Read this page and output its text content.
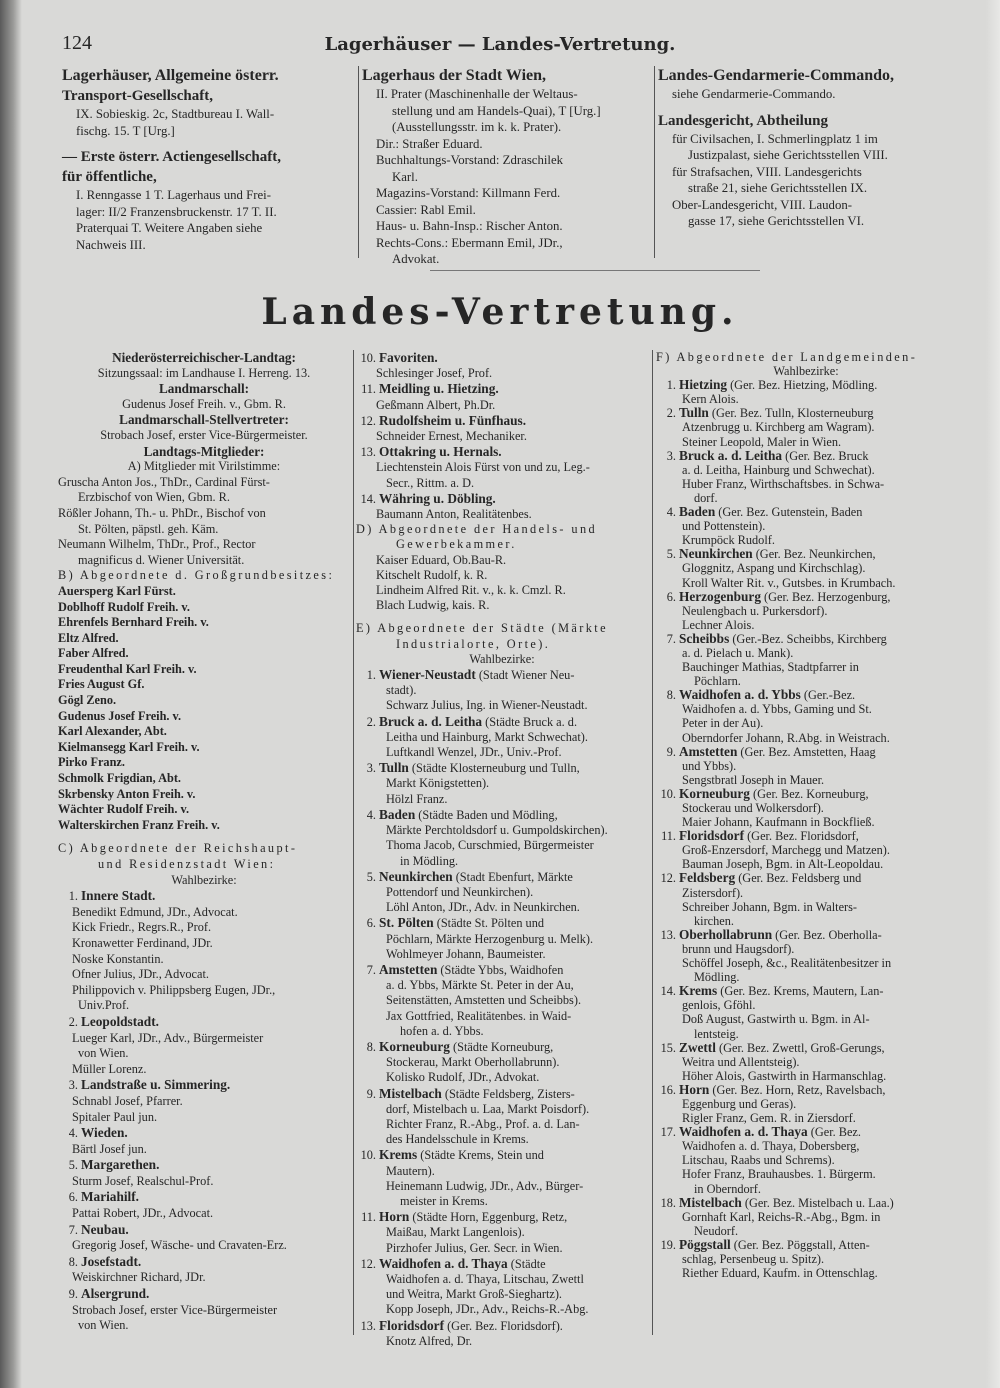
124	Lagerhäuser — Landes-Vertretung.
Lagerhäuser, Allgemeine österr.
Transport-Gesellschaft,
IX. Sobieskig. 2c, Stadtbureau I. Wall-
fischg. 15. T [Urg.]
— Erste österr. Actiengesellschaft,
für öffentliche,
I. Renngasse 1 T. Lagerhaus und Frei-
lager: II/2 Franzensbruckenstr. 17 T. II.
Praterquai T. Weitere Angaben siehe
Nachweis III.
Lagerhaus der Stadt Wien,
II. Prater (Maschinenhalle der Weltaus-
stellung und am Handels-Quai), T [Urg.]
(Ausstellungsstr. im k. k. Prater).
Dir.: Straßer Eduard.
Buchhaltungs-Vorstand: Zdraschilek
Karl.
Magazins-Vorstand: Killmann Ferd.
Cassier: Rabl Emil.
Haus- u. Bahn-Insp.: Rischer Anton.
Rechts-Cons.: Ebermann Emil, JDr.,
Advokat.
Landes-Gendarmerie-Commando,
siehe Gendarmerie-Commando.
Landesgericht, Abtheilung
für Civilsachen, I. Schmerlingplatz 1 im
Justizpalast, siehe Gerichtsstellen VIII.
für Strafsachen, VIII. Landesgerichts
straße 21, siehe Gerichtsstellen IX.
Ober-Landesgericht, VIII. Laudon-
gasse 17, siehe Gerichtsstellen VI.
Landes-Vertretung.
Niederösterreichischer-Landtag:
Sitzungssaal: im Landhause I. Herreng. 13.
Landmarschall:
Gudenus Josef Freih. v., Gbm. R.
Landmarschall-Stellvertreter:
Strobach Josef, erster Vice-Bürgermeister.
Landtags-Mitglieder:
A) Mitglieder mit Virilstimme:
Gruscha Anton Jos., ThDr., Cardinal Fürst-
Erzbischof von Wien, Gbm. R.
Rößler Johann, Th.- u. PhDr., Bischof von
St. Pölten, päpstl. geh. Käm.
Neumann Wilhelm, ThDr., Prof., Rector
magnificus d. Wiener Universität.
B) Abgeordnete d. Großgrundbesitzes:
Auersperg Karl Fürst.
Doblhoff Rudolf Freih. v.
Ehrenfels Bernhard Freih. v.
Eltz Alfred.
Faber Alfred.
Freudenthal Karl Freih. v.
Fries August Gf.
Gögl Zeno.
Gudenus Josef Freih. v.
Karl Alexander, Abt.
Kielmansegg Karl Freih. v.
Pirko Franz.
Schmolk Frigdian, Abt.
Skrbensky Anton Freih. v.
Wächter Rudolf Freih. v.
Walterskirchen Franz Freih. v.
C) Abgeordnete der Reichshaupt-
und Residenzstadt Wien:
Wahlbezirke:
1. Innere Stadt.
Benedikt Edmund, JDr., Advocat.
Kick Friedr., Regrs.R., Prof.
Kronawetter Ferdinand, JDr.
Noske Konstantin.
Ofner Julius, JDr., Advocat.
Philippovich v. Philippsberg Eugen, JDr.,
Univ.Prof.
2. Leopoldstadt.
Lueger Karl, JDr., Adv., Bürgermeister
von Wien.
Müller Lorenz.
3. Landstraße u. Simmering.
Schnabl Josef, Pfarrer.
Spitaler Paul jun.
4. Wieden.
Bärtl Josef jun.
5. Margarethen.
Sturm Josef, Realschul-Prof.
6. Mariahilf.
Pattai Robert, JDr., Advocat.
7. Neubau.
Gregorig Josef, Wäsche- und Cravaten-Erz.
8. Josefstadt.
Weiskirchner Richard, JDr.
9. Alsergrund.
Strobach Josef, erster Vice-Bürgermeister
von Wien.
10. Favoriten.
Schlesinger Josef, Prof.
11. Meidling u. Hietzing.
Geßmann Albert, Ph.Dr.
12. Rudolfsheim u. Fünfhaus.
Schneider Ernest, Mechaniker.
13. Ottakring u. Hernals.
Liechtenstein Alois Fürst von und zu, Leg.-
Secr., Rittm. a. D.
14. Währing u. Döbling.
Baumann Anton, Realitätenbes.
D) Abgeordnete der Handels- und
Gewerbekammer.
Kaiser Eduard, Ob.Bau-R.
Kitschelt Rudolf, k. R.
Lindheim Alfred Rit. v., k. k. Cmzl. R.
Blach Ludwig, kais. R.
E) Abgeordnete der Städte (Märkte
Industrialorte, Orte).
Wahlbezirke:
1. Wiener-Neustadt (Stadt Wiener Neu-
stadt).
Schwarz Julius, Ing. in Wiener-Neustadt.
2. Bruck a. d. Leitha (Städte Bruck a. d.
Leitha und Hainburg, Markt Schwechat).
Luftkandl Wenzel, JDr., Univ.-Prof.
3. Tulln (Städte Klosterneuburg und Tulln,
Markt Königstetten).
Hölzl Franz.
4. Baden (Städte Baden und Mödling,
Märkte Perchtoldsdorf u. Gumpoldskirchen).
Thoma Jacob, Curschmied, Bürgermeister
in Mödling.
5. Neunkirchen (Stadt Ebenfurt, Märkte
Pottendorf und Neunkirchen).
Löhl Anton, JDr., Adv. in Neunkirchen.
6. St. Pölten (Städte St. Pölten und
Pöchlarn, Märkte Herzogenburg u. Melk).
Wohlmeyer Johann, Baumeister.
7. Amstetten (Städte Ybbs, Waidhofen
a. d. Ybbs, Märkte St. Peter in der Au,
Seitenstätten, Amstetten und Scheibbs).
Jax Gottfried, Realitätenbes. in Waid-
hofen a. d. Ybbs.
8. Korneuburg (Städte Korneuburg,
Stockerau, Markt Oberhollabrunn).
Kolisko Rudolf, JDr., Advokat.
9. Mistelbach (Städte Feldsberg, Zisters-
dorf, Mistelbach u. Laa, Markt Poisdorf).
Richter Franz, R.-Abg., Prof. a. d. Lan-
des Handelsschule in Krems.
10. Krems (Städte Krems, Stein und
Mautern).
Heinemann Ludwig, JDr., Adv., Bürger-
meister in Krems.
11. Horn (Städte Horn, Eggenburg, Retz,
Maißau, Markt Langenlois).
Pirzhofer Julius, Ger. Secr. in Wien.
12. Waidhofen a. d. Thaya (Städte
Waidhofen a. d. Thaya, Litschau, Zwettl
und Weitra, Markt Groß-Sieghartz).
Kopp Joseph, JDr., Adv., Reichs-R.-Abg.
13. Floridsdorf (Ger. Bez. Floridsdorf).
Knotz Alfred, Dr.
F) Abgeordnete der Landgemeinden-
Wahlbezirke:
1. Hietzing (Ger. Bez. Hietzing, Mödling.
Kern Alois.
2. Tulln (Ger. Bez. Tulln, Klosterneuburg
Atzenbrugg u. Kirchberg am Wagram).
Steiner Leopold, Maler in Wien.
3. Bruck a. d. Leitha (Ger. Bez. Bruck
a. d. Leitha, Hainburg und Schwechat).
Huber Franz, Wirthschaftsbes. in Schwa-
dorf.
4. Baden (Ger. Bez. Gutenstein, Baden
und Pottenstein).
Krumpöck Rudolf.
5. Neunkirchen (Ger. Bez. Neunkirchen,
Gloggnitz, Aspang und Kirchschlag).
Kroll Walter Rit. v., Gutsbes. in Krumbach.
6. Herzogenburg (Ger. Bez. Herzogenburg,
Neulengbach u. Purkersdorf).
Lechner Alois.
7. Scheibbs (Ger.-Bez. Scheibbs, Kirchberg
a. d. Pielach u. Mank).
Bauchinger Mathias, Stadtpfarrer in
Pöchlarn.
8. Waidhofen a. d. Ybbs (Ger.-Bez.
Waidhofen a. d. Ybbs, Gaming und St.
Peter in der Au).
Oberndorfer Johann, R.Abg. in Weistrach.
9. Amstetten (Ger. Bez. Amstetten, Haag
und Ybbs).
Sengstbratl Joseph in Mauer.
10. Korneuburg (Ger. Bez. Korneuburg,
Stockerau und Wolkersdorf).
Maier Johann, Kaufmann in Bockfließ.
11. Floridsdorf (Ger. Bez. Floridsdorf,
Groß-Enzersdorf, Marchegg und Matzen).
Bauman Joseph, Bgm. in Alt-Leopoldau.
12. Feldsberg (Ger. Bez. Feldsberg und
Zistersdorf).
Schreiber Johann, Bgm. in Walters-
kirchen.
13. Oberhollabrunn (Ger. Bez. Oberholla-
brunn und Haugsdorf).
Schöffel Joseph, &c., Realitätenbesitzer in
Mödling.
14. Krems (Ger. Bez. Krems, Mautern, Lan-
genlois, Gföhl.
Doß August, Gastwirth u. Bgm. in Al-
lentsteig.
15. Zwettl (Ger. Bez. Zwettl, Groß-Gerungs,
Weitra und Allentsteig).
Höher Alois, Gastwirth in Harmanschlag.
16. Horn (Ger. Bez. Horn, Retz, Ravelsbach,
Eggenburg und Geras).
Rigler Franz, Gem. R. in Ziersdorf.
17. Waidhofen a. d. Thaya (Ger. Bez.
Waidhofen a. d. Thaya, Dobersberg,
Litschau, Raabs und Schrems).
Hofer Franz, Brauhausbes. 1. Bürgerm.
in Oberndorf.
18. Mistelbach (Ger. Bez. Mistelbach u. Laa.)
Gornhaft Karl, Reichs-R.-Abg., Bgm. in
Neudorf.
19. Pöggstall (Ger. Bez. Pöggstall, Atten-
schlag, Persenbeug u. Spitz).
Riether Eduard, Kaufm. in Ottenschlag.
